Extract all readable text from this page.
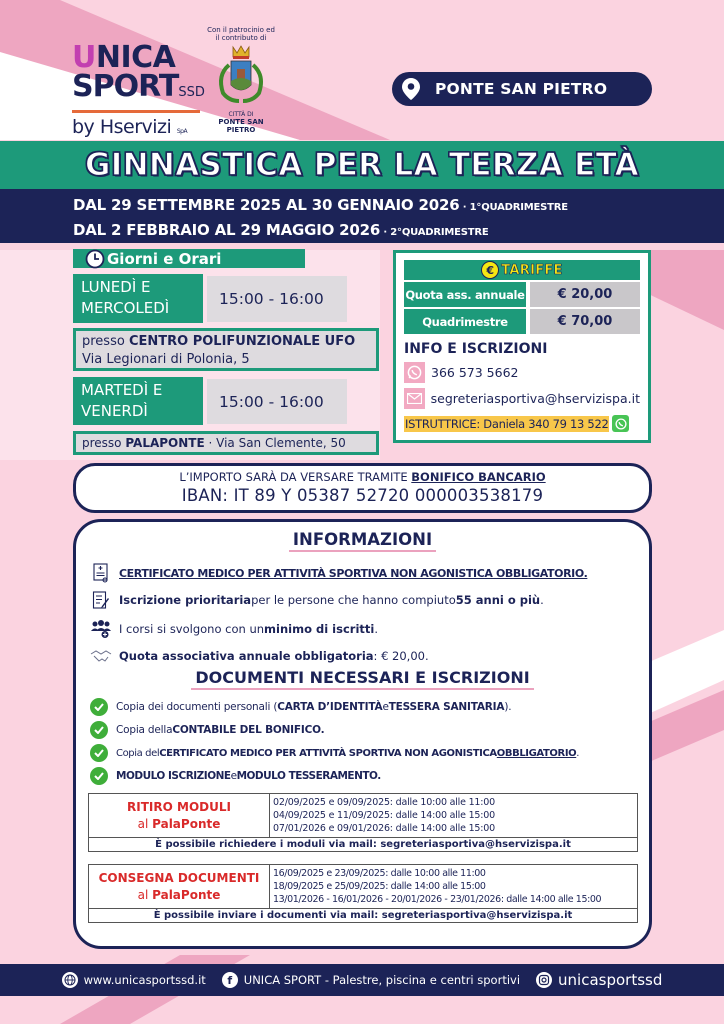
UNICA
SPORTSSD
by Hservizi SpA
Con il patrocinio ed il contributo di
CITTÀ DI
PONTE SAN PIETRO
PONTE SAN PIETRO
GINNASTICA PER LA TERZA ETÀ
DAL 29 SETTEMBRE 2025 AL 30 GENNAIO 2026 · 1°QUADRIMESTRE
DAL 2 FEBBRAIO AL 29 MAGGIO 2026 · 2°QUADRIMESTRE
Giorni e Orari
LUNEDÌ E
MERCOLEDÌ	15:00 - 16:00
presso CENTRO POLIFUNZIONALE UFO
Via Legionari di Polonia, 5
MARTEDÌ E
VENERDÌ
15:00 - 16:00
presso PALAPONTE · Via San Clemente, 50
€ TARIFFE
Quota ass. annuale	€ 20,00
Quadrimestre	€ 70,00
INFO E ISCRIZIONI
366 573 5662
segreteriasportiva@hservizispa.it
ISTRUTTRICE: Daniela 340 79 13 522
L’IMPORTO SARÀ DA VERSARE TRAMITE BONIFICO BANCARIO
IBAN: IT 89 Y 05387 52720 000003538179
INFORMAZIONI
CERTIFICATO MEDICO PER ATTIVITÀ SPORTIVA NON AGONISTICA OBBLIGATORIO.
Iscrizione prioritaria per le persone che hanno compiuto 55 anni o più .
I corsi si svolgono con un minimo di iscritti .
Quota associativa annuale obbligatoria : € 20,00.
DOCUMENTI NECESSARI E ISCRIZIONI
Copia dei documenti personali ( CARTA D’IDENTITÀ e TESSERA SANITARIA ).
Copia della CONTABILE DEL BONIFICO.
Copia del CERTIFICATO MEDICO PER ATTIVITÀ SPORTIVA NON AGONISTICA OBBLIGATORIO .
MODULO ISCRIZIONE e MODULO TESSERAMENTO.
RITIRO MODULI
al PalaPonte	
02/09/2025 e 09/09/2025: dalle 10:00 alle 11:00
04/09/2025 e 11/09/2025: dalle 14:00 alle 15:00
07/01/2026 e 09/01/2026: dalle 14:00 alle 15:00

È possibile richiedere i moduli via mail: segreteriasportiva@hservizispa.it
CONSEGNA DOCUMENTI
al PalaPonte	
16/09/2025 e 23/09/2025: dalle 10:00 alle 11:00
18/09/2025 e 25/09/2025: dalle 14:00 alle 15:00
13/01/2026 - 16/01/2026 - 20/01/2026 - 23/01/2026: dalle 14:00 alle 15:00

È possibile inviare i documenti via mail: segreteriasportiva@hservizispa.it
www.unicasportssd.it f UNICA SPORT - Palestre, piscina e centri sportivi	unicasportssd
